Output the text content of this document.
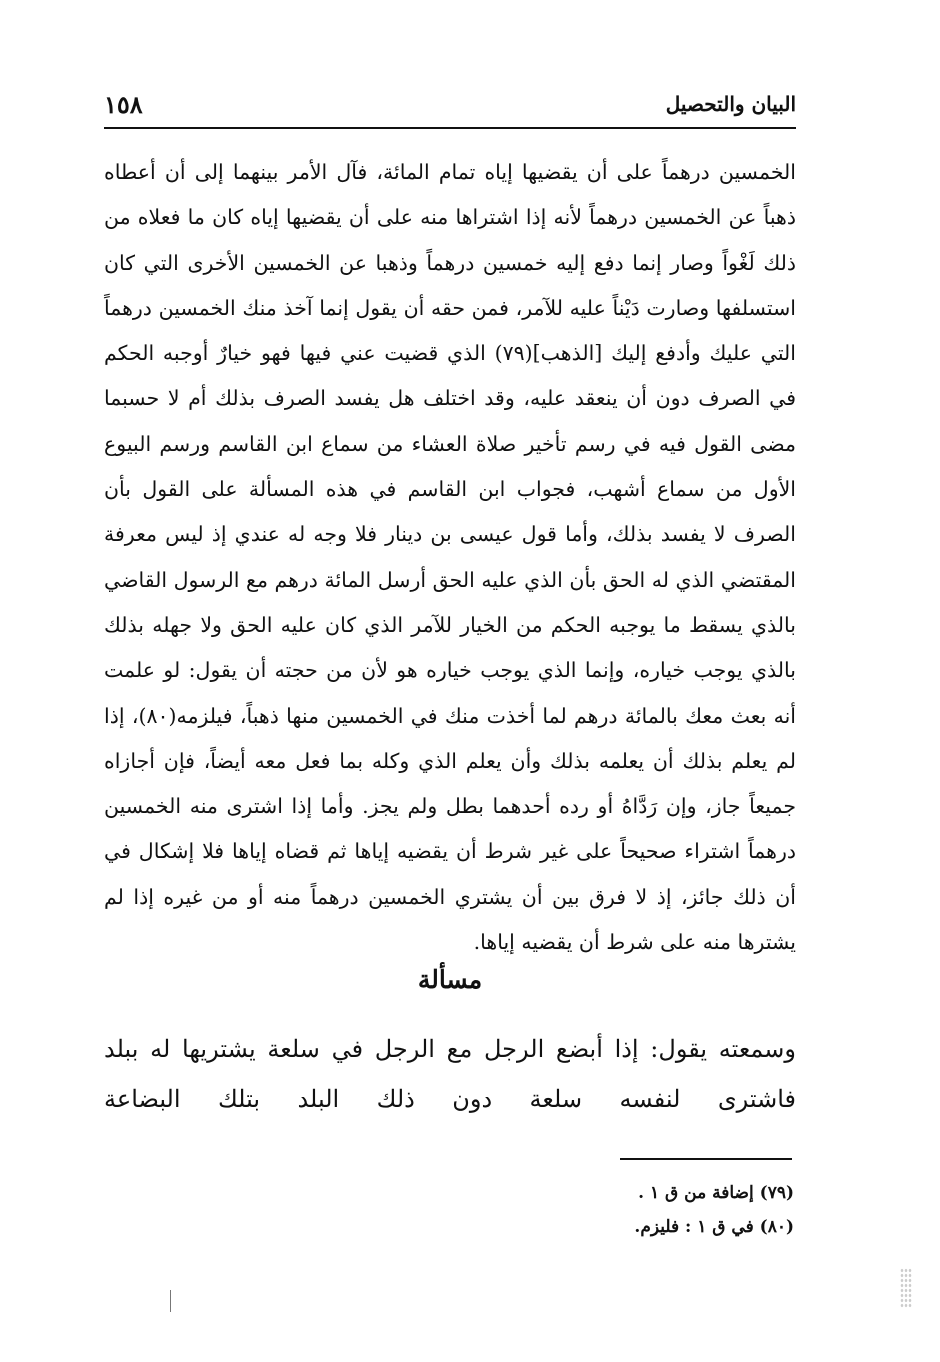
١٥٨	البيان والتحصيل

الخمسين درهماً على أن يقضيها إياه تمام المائة، فآل الأمر بينهما إلى أن أعطاه ذهباً عن الخمسين درهماً لأنه إذا اشتراها منه على أن يقضيها إياه كان ما فعلاه من ذلك لَغْواً وصار إنما دفع إليه خمسين درهماً وذهبا عن الخمسين الأخرى التي كان استسلفها وصارت دَيْناً عليه للآمر، فمن حقه أن يقول إنما آخذ منك الخمسين درهماً التي عليك وأدفع إليك [الذهب](٧٩) الذي قضيت عني فيها فهو خيارٌ أوجبه الحكم في الصرف دون أن ينعقد عليه، وقد اختلف هل يفسد الصرف بذلك أم لا حسبما مضى القول فيه في رسم تأخير صلاة العشاء من سماع ابن القاسم ورسم البيوع الأول من سماع أشهب، فجواب ابن القاسم في هذه المسألة على القول بأن الصرف لا يفسد بذلك، وأما قول عيسى بن دينار فلا وجه له عندي إذ ليس معرفة المقتضي الذي له الحق بأن الذي عليه الحق أرسل المائة درهم مع الرسول القاضي بالذي يسقط ما يوجبه الحكم من الخيار للآمر الذي كان عليه الحق ولا جهله بذلك بالذي يوجب خياره، وإنما الذي يوجب خياره هو لأن من حجته أن يقول: لو علمت أنه بعث معك بالمائة درهم لما أخذت منك في الخمسين منها ذهباً، فيلزمه(٨٠)، إذا لم يعلم بذلك أن يعلمه بذلك وأن يعلم الذي وكله بما فعل معه أيضاً، فإن أجازاه جميعاً جاز، وإن رَدَّاهُ أو رده أحدهما بطل ولم يجز. وأما إذا اشترى منه الخمسين درهماً اشتراء صحيحاً على غير شرط أن يقضيه إياها ثم قضاه إياها فلا إشكال في أن ذلك جائز، إذ لا فرق بين أن يشتري الخمسين درهماً منه أو من غيره إذا لم يشترها منه على شرط أن يقضيه إياها.

مسألة

وسمعته يقول: إذا أبضع الرجل مع الرجل في سلعة يشتريها له ببلد فاشترى لنفسه سلعة دون ذلك البلد بتلك البضاعة

(٧٩) إضافة من ق ١ .

(٨٠) في ق ١ : فليزم.
